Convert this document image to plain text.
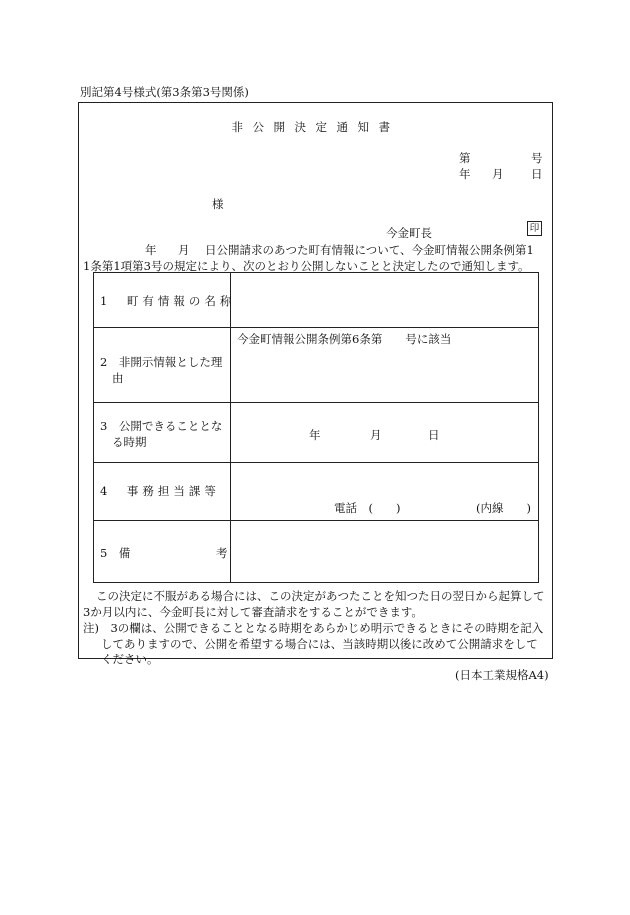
別記第4号様式(第3条第3号関係)
非公開決定通知書
第	号
年 月 日
様
今金町長	印
年 月 日公開請求のあつた町有情報について、今金町情報公開条例第1
1条第1項第3号の規定により、次のとおり公開しないことと決定したので通知します。
1　町有情報の名称	

2　非開示情報とした理
由	今金町情報公開条例第6条第　　号に該当

3　公開できることとな
る時期	年 月 日

4　事務担当課等	電話　(　　) (内線　　)

5　備 考	

この決定に不服がある場合には、この決定があつたことを知つた日の翌日から起算して
3か月以内に、今金町長に対して審査請求をすることができます。
注)　3の欄は、公開できることとなる時期をあらかじめ明示できるときにその時期を記入
してありますので、公開を希望する場合には、当該時期以後に改めて公開請求をして
ください。
(日本工業規格A4)
